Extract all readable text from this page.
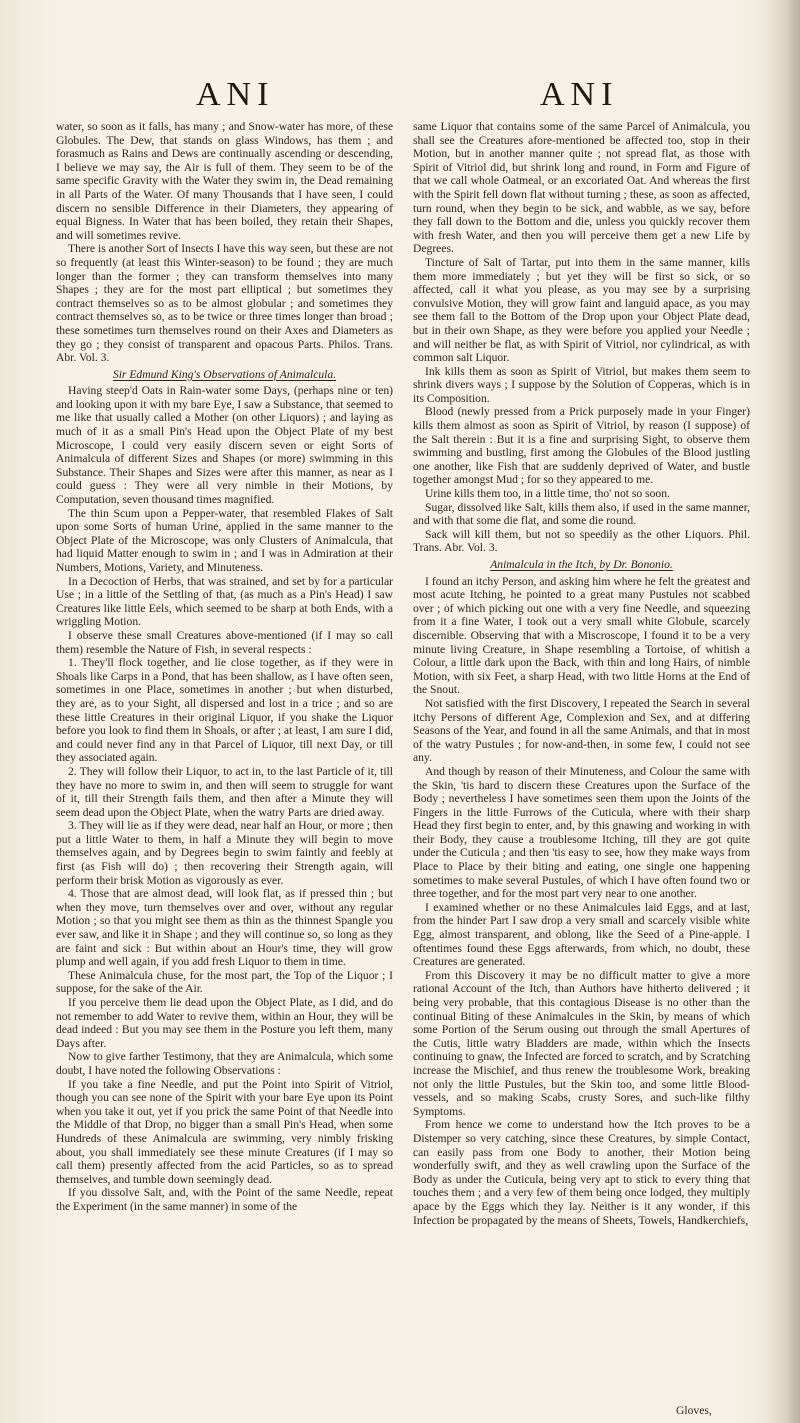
ANI	ANI

water, so soon as it falls, has many ; and Snow-water has more, of these Globules. The Dew, that stands on glass Windows, has them ; and forasmuch as Rains and Dews are continually ascending or descending, I believe we may say, the Air is full of them. They seem to be of the same specific Gravity with the Water they swim in, the Dead remaining in all Parts of the Water. Of many Thousands that I have seen, I could discern no sensible Difference in their Diameters, they appearing of equal Bigness. In Water that has been boiled, they retain their Shapes, and will sometimes revive.

There is another Sort of Insects I have this way seen, but these are not so frequently (at least this Winter-season) to be found ; they are much longer than the former ; they can transform themselves into many Shapes ; they are for the most part elliptical ; but sometimes they contract themselves so as to be almost globular ; and sometimes they contract themselves so, as to be twice or three times longer than broad ; these sometimes turn themselves round on their Axes and Diameters as they go ; they consist of transparent and opacous Parts. Philos. Trans. Abr. Vol. 3.

Sir Edmund King's Observations of Animalcula.

Having steep'd Oats in Rain-water some Days, (perhaps nine or ten) and looking upon it with my bare Eye, I saw a Substance, that seemed to me like that usually called a Mother (on other Liquors) ; and laying as much of it as a small Pin's Head upon the Object Plate of my best Microscope, I could very easily discern seven or eight Sorts of Animalcula of different Sizes and Shapes (or more) swimming in this Substance. Their Shapes and Sizes were after this manner, as near as I could guess : They were all very nimble in their Motions, by Computation, seven thousand times magnified.

The thin Scum upon a Pepper-water, that resembled Flakes of Salt upon some Sorts of human Urine, applied in the same manner to the Object Plate of the Microscope, was only Clusters of Animalcula, that had liquid Matter enough to swim in ; and I was in Admiration at their Numbers, Motions, Variety, and Minuteness.

In a Decoction of Herbs, that was strained, and set by for a particular Use ; in a little of the Settling of that, (as much as a Pin's Head) I saw Creatures like little Eels, which seemed to be sharp at both Ends, with a wriggling Motion.

I observe these small Creatures above-mentioned (if I may so call them) resemble the Nature of Fish, in several respects :

1. They'll flock together, and lie close together, as if they were in Shoals like Carps in a Pond, that has been shallow, as I have often seen, sometimes in one Place, sometimes in another ; but when disturbed, they are, as to your Sight, all dispersed and lost in a trice ; and so are these little Creatures in their original Liquor, if you shake the Liquor before you look to find them in Shoals, or after ; at least, I am sure I did, and could never find any in that Parcel of Liquor, till next Day, or till they associated again.

2. They will follow their Liquor, to act in, to the last Particle of it, till they have no more to swim in, and then will seem to struggle for want of it, till their Strength fails them, and then after a Minute they will seem dead upon the Object Plate, when the watry Parts are dried away.

3. They will lie as if they were dead, near half an Hour, or more ; then put a little Water to them, in half a Minute they will begin to move themselves again, and by Degrees begin to swim faintly and feebly at first (as Fish will do) ; then recovering their Strength again, will perform their brisk Motion as vigorously as ever.

4. Those that are almost dead, will look flat, as if pressed thin ; but when they move, turn themselves over and over, without any regular Motion ; so that you might see them as thin as the thinnest Spangle you ever saw, and like it in Shape ; and they will continue so, so long as they are faint and sick : But within about an Hour's time, they will grow plump and well again, if you add fresh Liquor to them in time.

These Animalcula chuse, for the most part, the Top of the Liquor ; I suppose, for the sake of the Air.

If you perceive them lie dead upon the Object Plate, as I did, and do not remember to add Water to revive them, within an Hour, they will be dead indeed : But you may see them in the Posture you left them, many Days after.

Now to give farther Testimony, that they are Animalcula, which some doubt, I have noted the following Observations :

If you take a fine Needle, and put the Point into Spirit of Vitriol, though you can see none of the Spirit with your bare Eye upon its Point when you take it out, yet if you prick the same Point of that Needle into the Middle of that Drop, no bigger than a small Pin's Head, when some Hundreds of these Animalcula are swimming, very nimbly frisking about, you shall immediately see these minute Creatures (if I may so call them) presently affected from the acid Particles, so as to spread themselves, and tumble down seemingly dead.

If you dissolve Salt, and, with the Point of the same Needle, repeat the Experiment (in the same manner) in some of the

same Liquor that contains some of the same Parcel of Animalcula, you shall see the Creatures afore-mentioned be affected too, stop in their Motion, but in another manner quite ; not spread flat, as those with Spirit of Vitriol did, but shrink long and round, in Form and Figure of that we call whole Oatmeal, or an excoriated Oat. And whereas the first with the Spirit fell down flat without turning ; these, as soon as affected, turn round, when they begin to be sick, and wabble, as we say, before they fall down to the Bottom and die, unless you quickly recover them with fresh Water, and then you will perceive them get a new Life by Degrees.

Tincture of Salt of Tartar, put into them in the same manner, kills them more immediately ; but yet they will be first so sick, or so affected, call it what you please, as you may see by a surprising convulsive Motion, they will grow faint and languid apace, as you may see them fall to the Bottom of the Drop upon your Object Plate dead, but in their own Shape, as they were before you applied your Needle ; and will neither be flat, as with Spirit of Vitriol, nor cylindrical, as with common salt Liquor.

Ink kills them as soon as Spirit of Vitriol, but makes them seem to shrink divers ways ; I suppose by the Solution of Copperas, which is in its Composition.

Blood (newly pressed from a Prick purposely made in your Finger) kills them almost as soon as Spirit of Vitriol, by reason (I suppose) of the Salt therein : But it is a fine and surprising Sight, to observe them swimming and bustling, first among the Globules of the Blood justling one another, like Fish that are suddenly deprived of Water, and bustle together amongst Mud ; for so they appeared to me.

Urine kills them too, in a little time, tho' not so soon.

Sugar, dissolved like Salt, kills them also, if used in the same manner, and with that some die flat, and some die round.

Sack will kill them, but not so speedily as the other Liquors. Phil. Trans. Abr. Vol. 3.

Animalcula in the Itch, by Dr. Bononio.

I found an itchy Person, and asking him where he felt the greatest and most acute Itching, he pointed to a great many Pustules not scabbed over ; of which picking out one with a very fine Needle, and squeezing from it a fine Water, I took out a very small white Globule, scarcely discernible. Observing that with a Miscroscope, I found it to be a very minute living Creature, in Shape resembling a Tortoise, of whitish a Colour, a little dark upon the Back, with thin and long Hairs, of nimble Motion, with six Feet, a sharp Head, with two little Horns at the End of the Snout.

Not satisfied with the first Discovery, I repeated the Search in several itchy Persons of different Age, Complexion and Sex, and at differing Seasons of the Year, and found in all the same Animals, and that in most of the watry Pustules ; for now-and-then, in some few, I could not see any.

And though by reason of their Minuteness, and Colour the same with the Skin, 'tis hard to discern these Creatures upon the Surface of the Body ; nevertheless I have sometimes seen them upon the Joints of the Fingers in the little Furrows of the Cuticula, where with their sharp Head they first begin to enter, and, by this gnawing and working in with their Body, they cause a troublesome Itching, till they are got quite under the Cuticula ; and then 'tis easy to see, how they make ways from Place to Place by their biting and eating, one single one happening sometimes to make several Pustules, of which I have often found two or three together, and for the most part very near to one another.

I examined whether or no these Animalcules laid Eggs, and at last, from the hinder Part I saw drop a very small and scarcely visible white Egg, almost transparent, and oblong, like the Seed of a Pine-apple. I oftentimes found these Eggs afterwards, from which, no doubt, these Creatures are generated.

From this Discovery it may be no difficult matter to give a more rational Account of the Itch, than Authors have hitherto delivered ; it being very probable, that this contagious Disease is no other than the continual Biting of these Animalcules in the Skin, by means of which some Portion of the Serum ousing out through the small Apertures of the Cutis, little watry Bladders are made, within which the Insects continuing to gnaw, the Infected are forced to scratch, and by Scratching increase the Mischief, and thus renew the troublesome Work, breaking not only the little Pustules, but the Skin too, and some little Blood-vessels, and so making Scabs, crusty Sores, and such-like filthy Symptoms.

From hence we come to understand how the Itch proves to be a Distemper so very catching, since these Creatures, by simple Contact, can easily pass from one Body to another, their Motion being wonderfully swift, and they as well crawling upon the Surface of the Body as under the Cuticula, being very apt to stick to every thing that touches them ; and a very few of them being once lodged, they multiply apace by the Eggs which they lay. Neither is it any wonder, if this Infection be propagated by the means of Sheets, Towels, Handkerchiefs,

Gloves,
